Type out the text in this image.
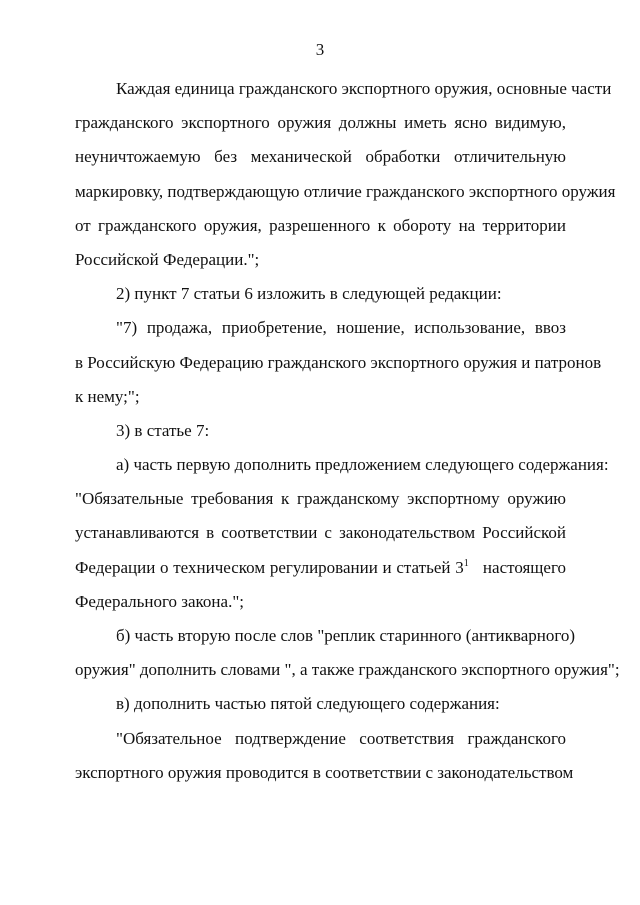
3
Каждая единица гражданского экспортного оружия, основные части
гражданского экспортного оружия должны иметь ясно видимую,
неуничтожаемую без механической обработки отличительную
маркировку, подтверждающую отличие гражданского экспортного оружия
от гражданского оружия, разрешенного к обороту на территории
Российской Федерации.";
2) пункт 7 статьи 6 изложить в следующей редакции:
"7) продажа, приобретение, ношение, использование, ввоз
в Российскую Федерацию гражданского экспортного оружия и патронов
к нему;";
3) в статье 7:
а) часть первую дополнить предложением следующего содержания:
"Обязательные требования к гражданскому экспортному оружию
устанавливаются в соответствии с законодательством Российской
Федерации о техническом регулировании и статьей $3^1$ настоящего
Федерального закона.";
б) часть вторую после слов "реплик старинного (антикварного)
оружия" дополнить словами ", а также гражданского экспортного оружия";
в) дополнить частью пятой следующего содержания:
"Обязательное подтверждение соответствия гражданского
экспортного оружия проводится в соответствии с законодательством
